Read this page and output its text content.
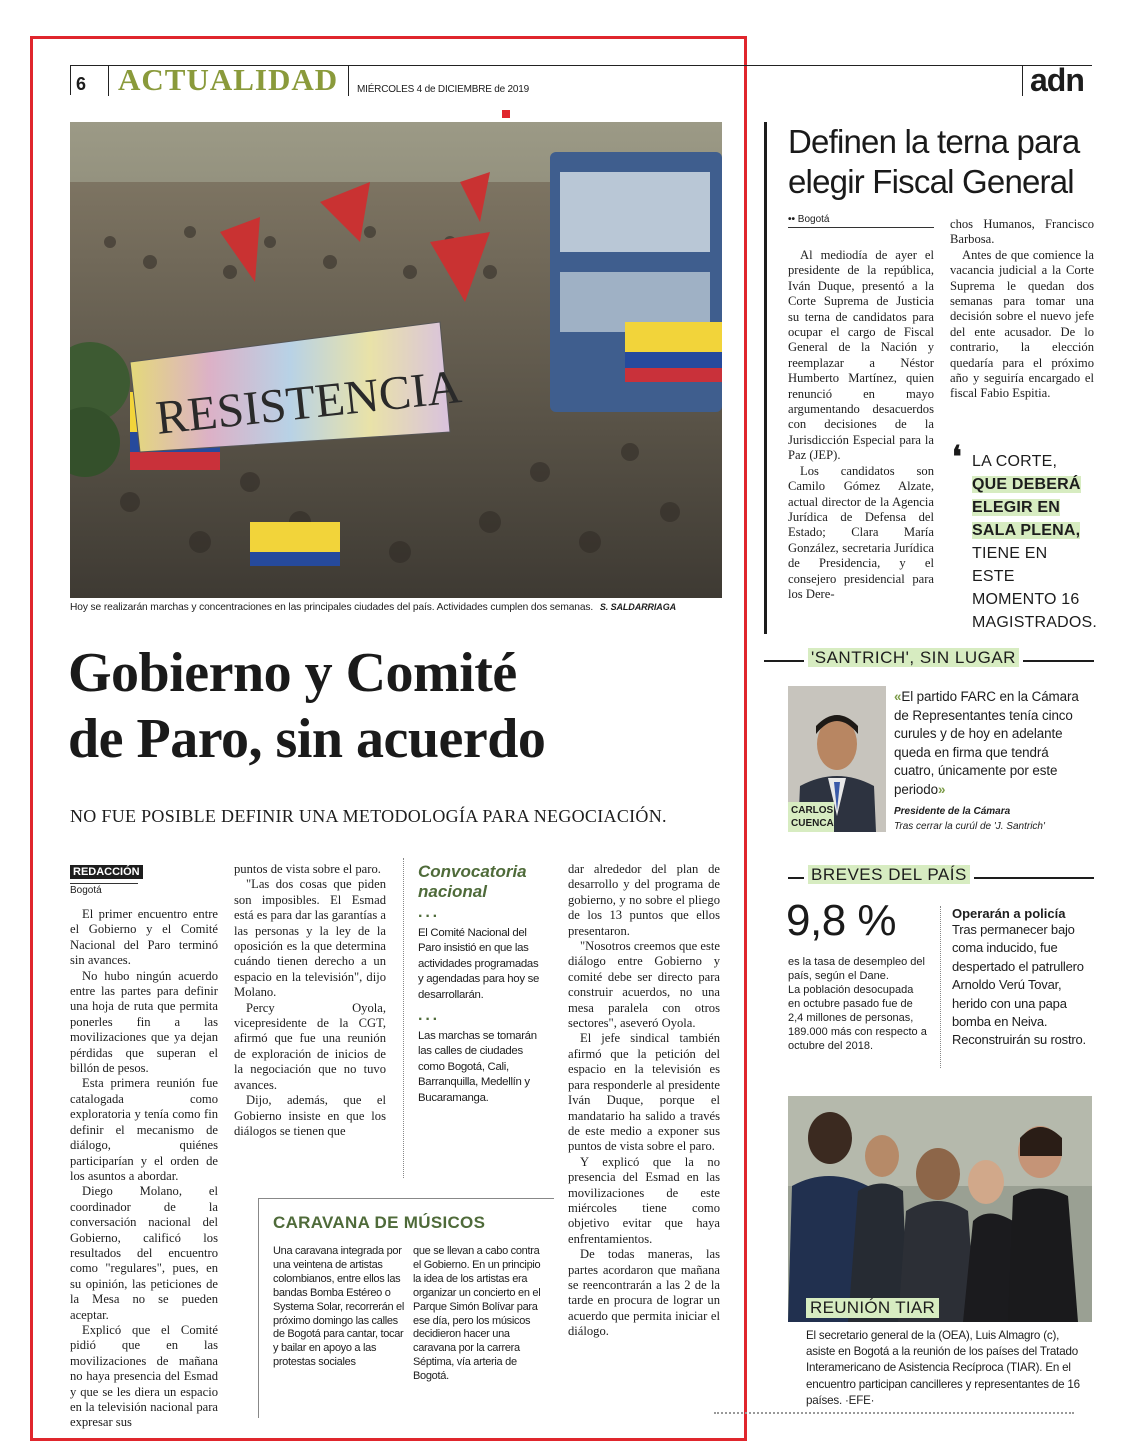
6 ACTUALIDAD MIÉRCOLES 4 de DICIEMBRE de 2019	adn
RESISTENCIA
Hoy se realizarán marchas y concentraciones en las principales ciudades del país. Actividades cumplen dos semanas. S. SALDARRIAGA
Gobierno y Comité
de Paro, sin acuerdo
NO FUE POSIBLE DEFINIR UNA METODOLOGÍA PARA NEGOCIACIÓN.
REDACCIÓN
Bogotá

El primer encuentro entre el Gobierno y el Comité Nacional del Paro terminó sin avances.

No hubo ningún acuerdo entre las partes para definir una hoja de ruta que permita ponerles fin a las movilizaciones que ya dejan pérdidas que superan el billón de pesos.

Esta primera reunión fue catalogada como exploratoria y tenía como fin definir el mecanismo de diálogo, quiénes participarían y el orden de los asuntos a abordar.

Diego Molano, el coordinador de la conversación nacional del Gobierno, calificó los resultados del encuentro como "regulares", pues, en su opinión, las peticiones de la Mesa no se pueden aceptar.

Explicó que el Comité pidió que en las movilizaciones de mañana no haya presencia del Esmad y que se les diera un espacio en la televisión nacional para expresar sus

puntos de vista sobre el paro.

"Las dos cosas que piden son imposibles. El Esmad está es para dar las garantías a las personas y la ley de la oposición es la que determina cuándo tienen derecho a un espacio en la televisión", dijo Molano.

Percy Oyola, vicepresidente de la CGT, afirmó que fue una reunión de exploración de inicios de la negociación que no tuvo avances.

Dijo, además, que el Gobierno insiste en que los diálogos se tienen que

Convocatoria nacional
···
El Comité Nacional del Paro insistió en que las actividades programadas y agendadas para hoy se desarrollarán.
···
Las marchas se tomarán las calles de ciudades como Bogotá, Cali, Barranquilla, Medellín y Bucaramanga.

dar alrededor del plan de desarrollo y del programa de gobierno, y no sobre el pliego de los 13 puntos que ellos presentaron.

"Nosotros creemos que este diálogo entre Gobierno y comité debe ser directo para construir acuerdos, no una mesa paralela con otros sectores", aseveró Oyola.

El jefe sindical también afirmó que la petición del espacio en la televisión es para responderle al presidente Iván Duque, porque el mandatario ha salido a través de este medio a exponer sus puntos de vista sobre el paro.

Y explicó que la no presencia del Esmad en las movilizaciones de este miércoles tiene como objetivo evitar que haya enfrentamientos.

De todas maneras, las partes acordaron que mañana se reencontrarán a las 2 de la tarde en procura de lograr un acuerdo que permita iniciar el diálogo.

CARAVANA DE MÚSICOS
Una caravana integrada por una veintena de artistas colombianos, entre ellos las bandas Bomba Estéreo o Systema Solar, recorrerán el próximo domingo las calles de Bogotá para cantar, tocar y bailar en apoyo a las protestas sociales
que se llevan a cabo contra el Gobierno. En un principio la idea de los artistas era organizar un concierto en el Parque Simón Bolívar para ese día, pero los músicos decidieron hacer una caravana por la carrera Séptima, vía arteria de Bogotá.
Definen la terna para elegir Fiscal General
•• Bogotá

Al mediodía de ayer el presidente de la república, Iván Duque, presentó a la Corte Suprema de Justicia su terna de candidatos para ocupar el cargo de Fiscal General de la Nación y reemplazar a Néstor Humberto Martínez, quien renunció en mayo argumentando desacuerdos con decisiones de la Jurisdicción Especial para la Paz (JEP).

Los candidatos son Camilo Gómez Alzate, actual director de la Agencia Jurídica de Defensa del Estado; Clara María González, secretaria Jurídica de Presidencia, y el consejero presidencial para los Dere-

chos Humanos, Francisco Barbosa.

Antes de que comience la vacancia judicial a la Corte Suprema le quedan dos semanas para tomar una decisión sobre el nuevo jefe del ente acusador. De lo contrario, la elección quedaría para el próximo año y seguiría encargado el fiscal Fabio Espitia.

❛ LA CORTE,
QUE DEBERÁ ELEGIR EN SALA PLENA,
TIENE EN ESTE MOMENTO 16 MAGISTRADOS.
'SANTRICH', SIN LUGAR
CARLOS CUENCA
«El partido FARC en la Cámara de Representantes tenía cinco curules y de hoy en adelante queda en firma que tendrá cuatro, únicamente por este periodo»
Presidente de la Cámara
Tras cerrar la curúl de 'J. Santrich'
BREVES DEL PAÍS
9,8 %
es la tasa de desempleo del país, según el Dane.
La población desocupada en octubre pasado fue de 2,4 millones de personas, 189.000 más con respecto a octubre del 2018.
Operarán a policía
Tras permanecer bajo coma inducido, fue despertado el patrullero Arnoldo Verú Tovar, herido con una papa bomba en Neiva. Reconstruirán su rostro.
REUNIÓN TIAR
El secretario general de la (OEA), Luis Almagro (c), asiste en Bogotá a la reunión de los países del Tratado Interamericano de Asistencia Recíproca (TIAR). En el encuentro participan cancilleres y representantes de 16 países. ·EFE·
